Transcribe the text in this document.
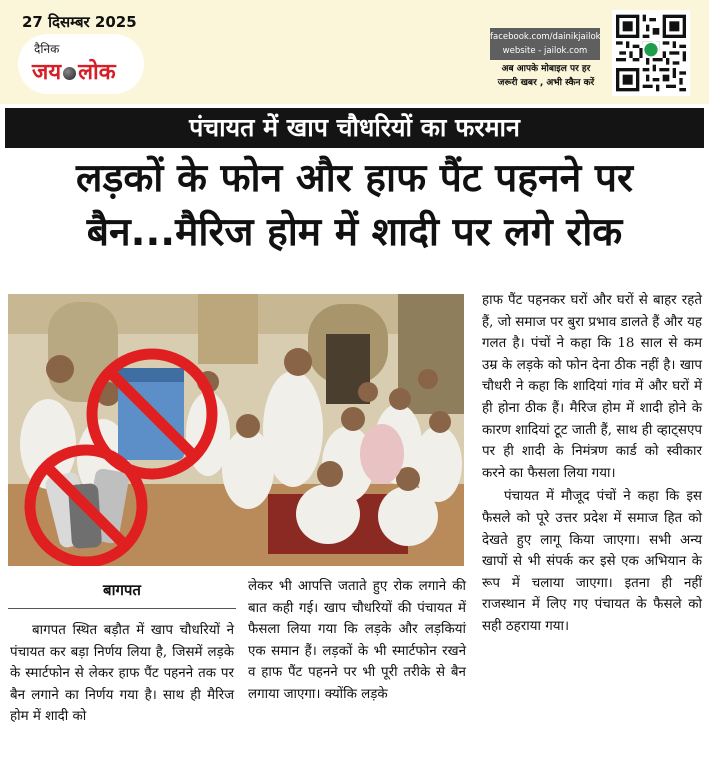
27 दिसम्बर 2025
दैनिक
जय लोक
facebook.com/dainikjailok
website - jailok.com
अब आपके मोबाइल पर हर
जरूरी खबर , अभी स्कैन करें
पंचायत में खाप चौधरियों का फरमान
लड़कों के फोन और हाफ पैंट पहनने पर
बैन...मैरिज होम में शादी पर लगे रोक
बागपत

बागपत स्थित बड़ौत में खाप चौधरियों ने पंचायत कर बड़ा निर्णय लिया है, जिसमें लड़के के स्मार्टफोन से लेकर हाफ पैंट पहनने तक पर बैन लगाने का निर्णय गया है। साथ ही मैरिज होम में शादी को

लेकर भी आपत्ति जताते हुए रोक लगाने की बात कही गई। खाप चौधरियों की पंचायत में फैसला लिया गया कि लड़के और लड़कियां एक समान हैं। लड़कों के भी स्मार्टफोन रखने व हाफ पैंट पहनने पर भी पूरी तरीके से बैन लगाया जाएगा। क्योंकि लड़के

हाफ पैंट पहनकर घरों और घरों से बाहर रहते हैं, जो समाज पर बुरा प्रभाव डालते हैं और यह गलत है। पंचों ने कहा कि 18 साल से कम उम्र के लड़के को फोन देना ठीक नहीं है। खाप चौधरी ने कहा कि शादियां गांव में और घरों में ही होना ठीक हैं। मैरिज होम में शादी होने के कारण शादियां टूट जाती हैं, साथ ही व्हाट्सएप पर ही शादी के निमंत्रण कार्ड को स्वीकार करने का फैसला लिया गया।

पंचायत में मौजूद पंचों ने कहा कि इस फैसले को पूरे उत्तर प्रदेश में समाज हित को देखते हुए लागू किया जाएगा। सभी अन्य खापों से भी संपर्क कर इसे एक अभियान के रूप में चलाया जाएगा। इतना ही नहीं राजस्थान में लिए गए पंचायत के फैसले को सही ठहराया गया।
